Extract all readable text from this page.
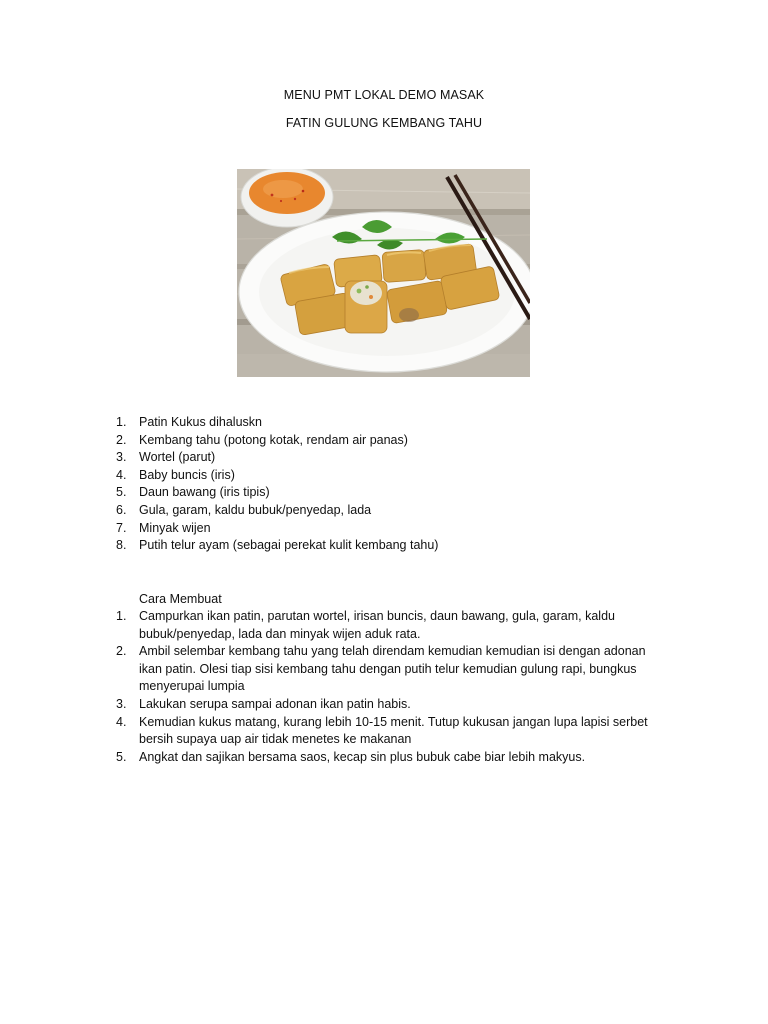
MENU PMT LOKAL DEMO MASAK
FATIN GULUNG KEMBANG TAHU
1. Patin Kukus dihaluskn
2. Kembang tahu (potong kotak, rendam air panas)
3. Wortel (parut)
4. Baby buncis (iris)
5. Daun bawang (iris tipis)
6. Gula, garam, kaldu bubuk/penyedap, lada
7. Minyak wijen
8. Putih telur ayam (sebagai perekat kulit kembang tahu)
Cara Membuat
1. Campurkan ikan patin, parutan wortel, irisan buncis, daun bawang, gula, garam, kaldu bubuk/penyedap, lada dan minyak wijen aduk rata.
2. Ambil selembar kembang tahu yang telah direndam kemudian kemudian isi dengan adonan ikan patin. Olesi tiap sisi kembang tahu dengan putih telur kemudian gulung rapi, bungkus menyerupai lumpia
3. Lakukan serupa sampai adonan ikan patin habis.
4. Kemudian kukus matang, kurang lebih 10-15 menit. Tutup kukusan jangan lupa lapisi serbet bersih supaya uap air tidak menetes ke makanan
5. Angkat dan sajikan bersama saos, kecap sin plus bubuk cabe biar lebih makyus.
